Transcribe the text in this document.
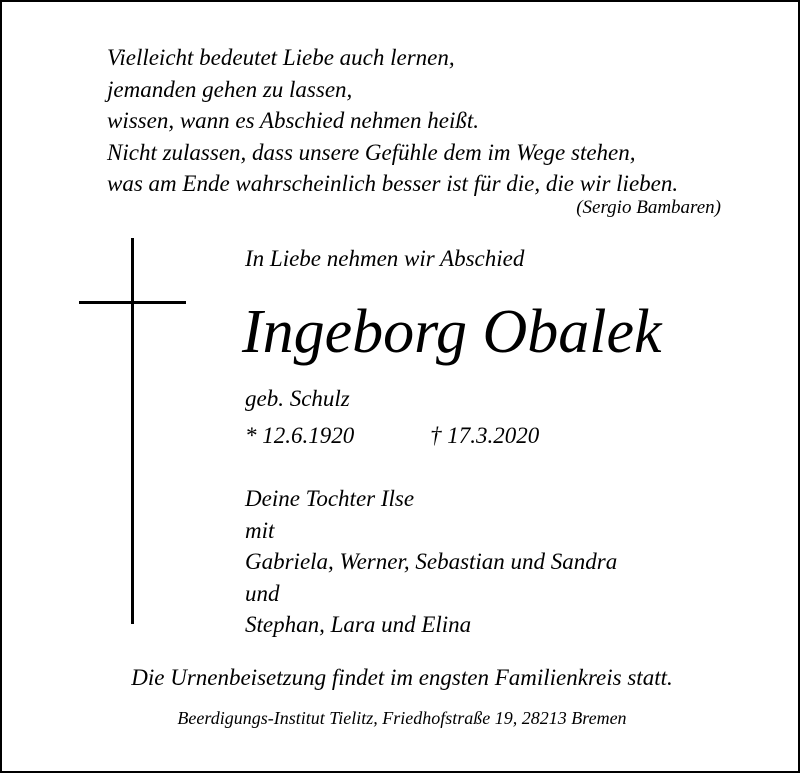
Vielleicht bedeutet Liebe auch lernen,
jemanden gehen zu lassen,
wissen, wann es Abschied nehmen heißt.
Nicht zulassen, dass unsere Gefühle dem im Wege stehen,
was am Ende wahrscheinlich besser ist für die, die wir lieben.
(Sergio Bambaren)
In Liebe nehmen wir Abschied
Ingeborg Obalek
geb. Schulz
* 12.6.1920	† 17.3.2020
Deine Tochter Ilse
mit
Gabriela, Werner, Sebastian und Sandra
und
Stephan, Lara und Elina
Die Urnenbeisetzung findet im engsten Familienkreis statt.
Beerdigungs-Institut Tielitz, Friedhofstraße 19, 28213 Bremen
